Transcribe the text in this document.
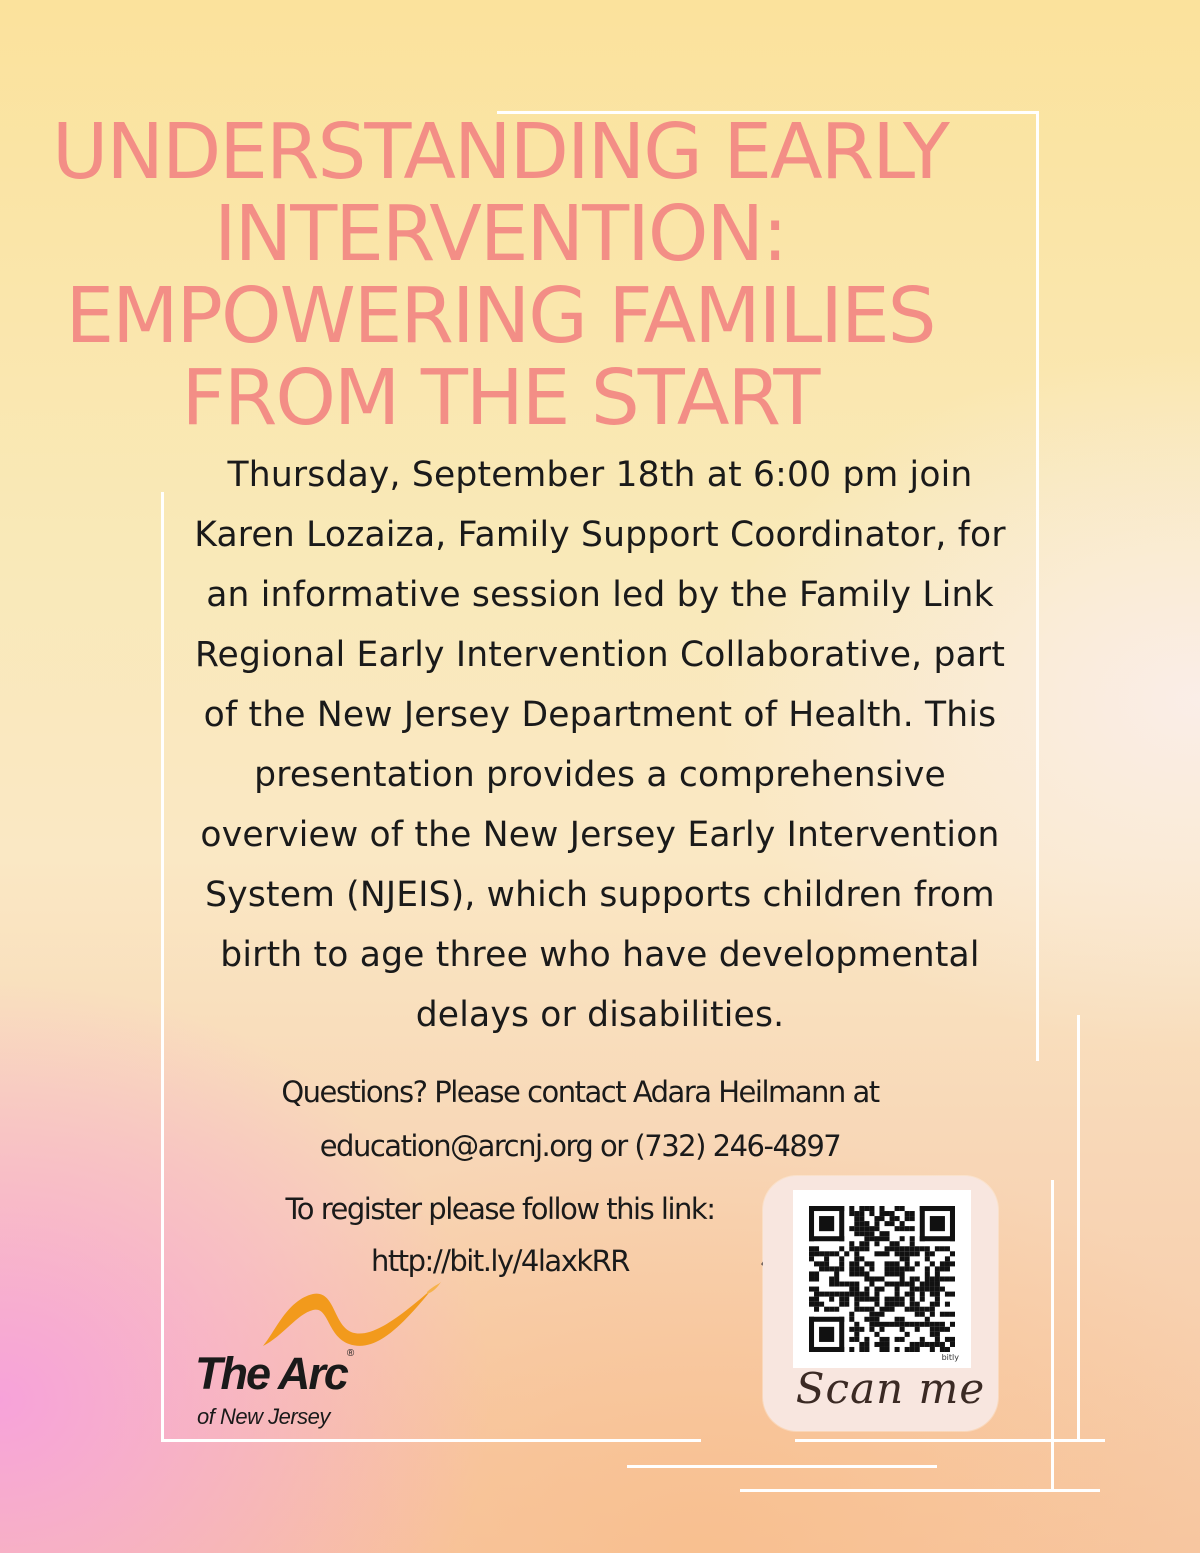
UNDERSTANDING EARLY
INTERVENTION:
EMPOWERING FAMILIES
FROM THE START
Thursday, September 18th at 6:00 pm join
Karen Lozaiza, Family Support Coordinator, for
an informative session led by the Family Link
Regional Early Intervention Collaborative, part
of the New Jersey Department of Health. This
presentation provides a comprehensive
overview of the New Jersey Early Intervention
System (NJEIS), which supports children from
birth to age three who have developmental
delays or disabilities.
Questions? Please contact Adara Heilmann at
education@arcnj.org or (732) 246-4897
To register please follow this link:
http://bit.ly/4laxkRR
The Arc®
of New Jersey
bitly
Scan me
